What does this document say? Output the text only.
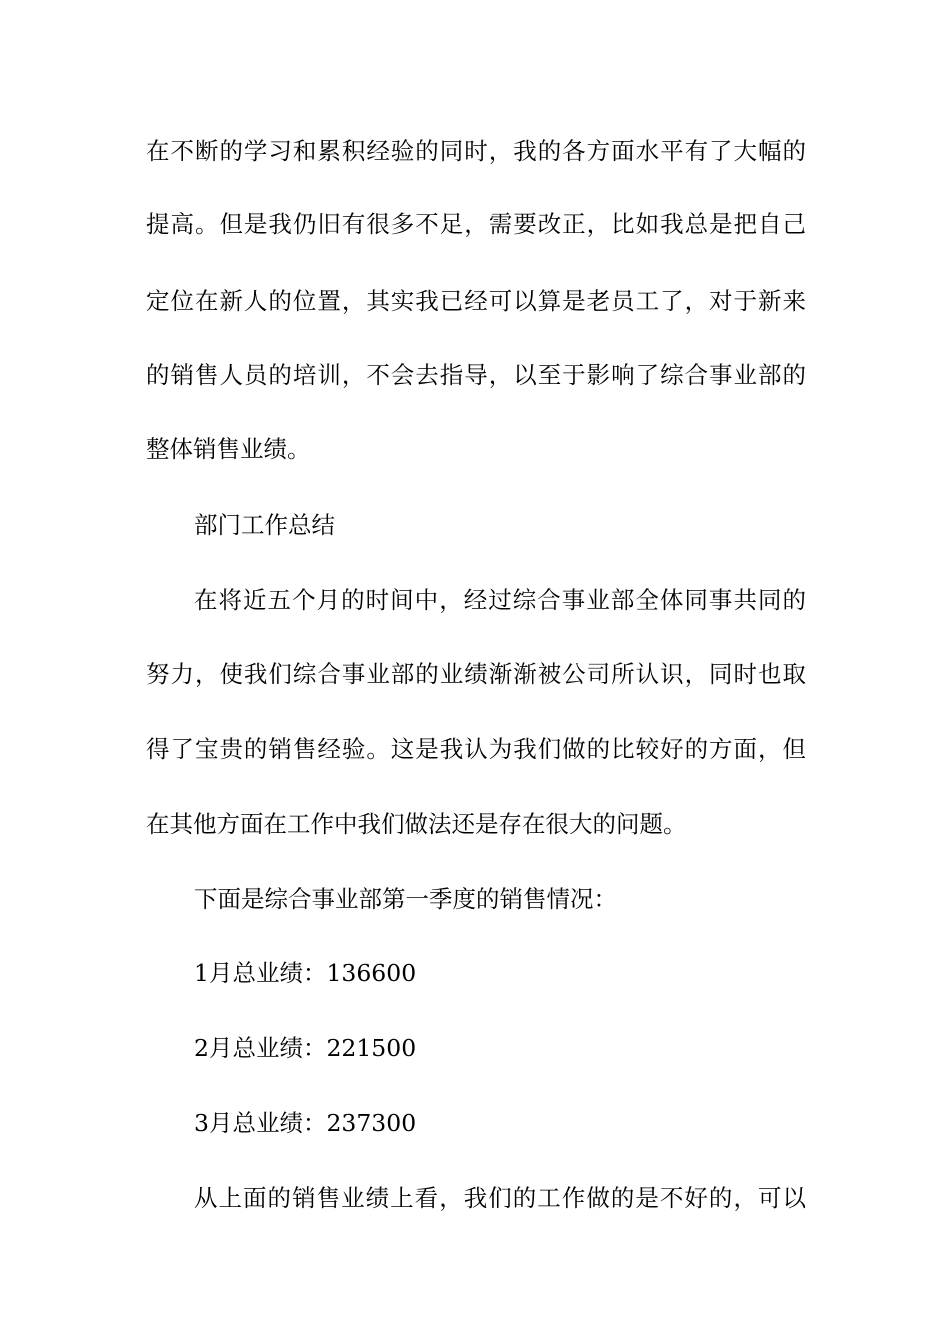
在不断的学习和累积经验的同时，我的各方面水平有了大幅的
提高。但是我仍旧有很多不足，需要改正，比如我总是把自己
定位在新人的位置，其实我已经可以算是老员工了，对于新来
的销售人员的培训，不会去指导，以至于影响了综合事业部的
整体销售业绩。
部门工作总结
在将近五个月的时间中，经过综合事业部全体同事共同的
努力，使我们综合事业部的业绩渐渐被公司所认识，同时也取
得了宝贵的销售经验。这是我认为我们做的比较好的方面，但
在其他方面在工作中我们做法还是存在很大的问题。
下面是综合事业部第一季度的销售情况：
1月总业绩：136600
2月总业绩：221500
3月总业绩：237300
从上面的销售业绩上看，我们的工作做的是不好的，可以
